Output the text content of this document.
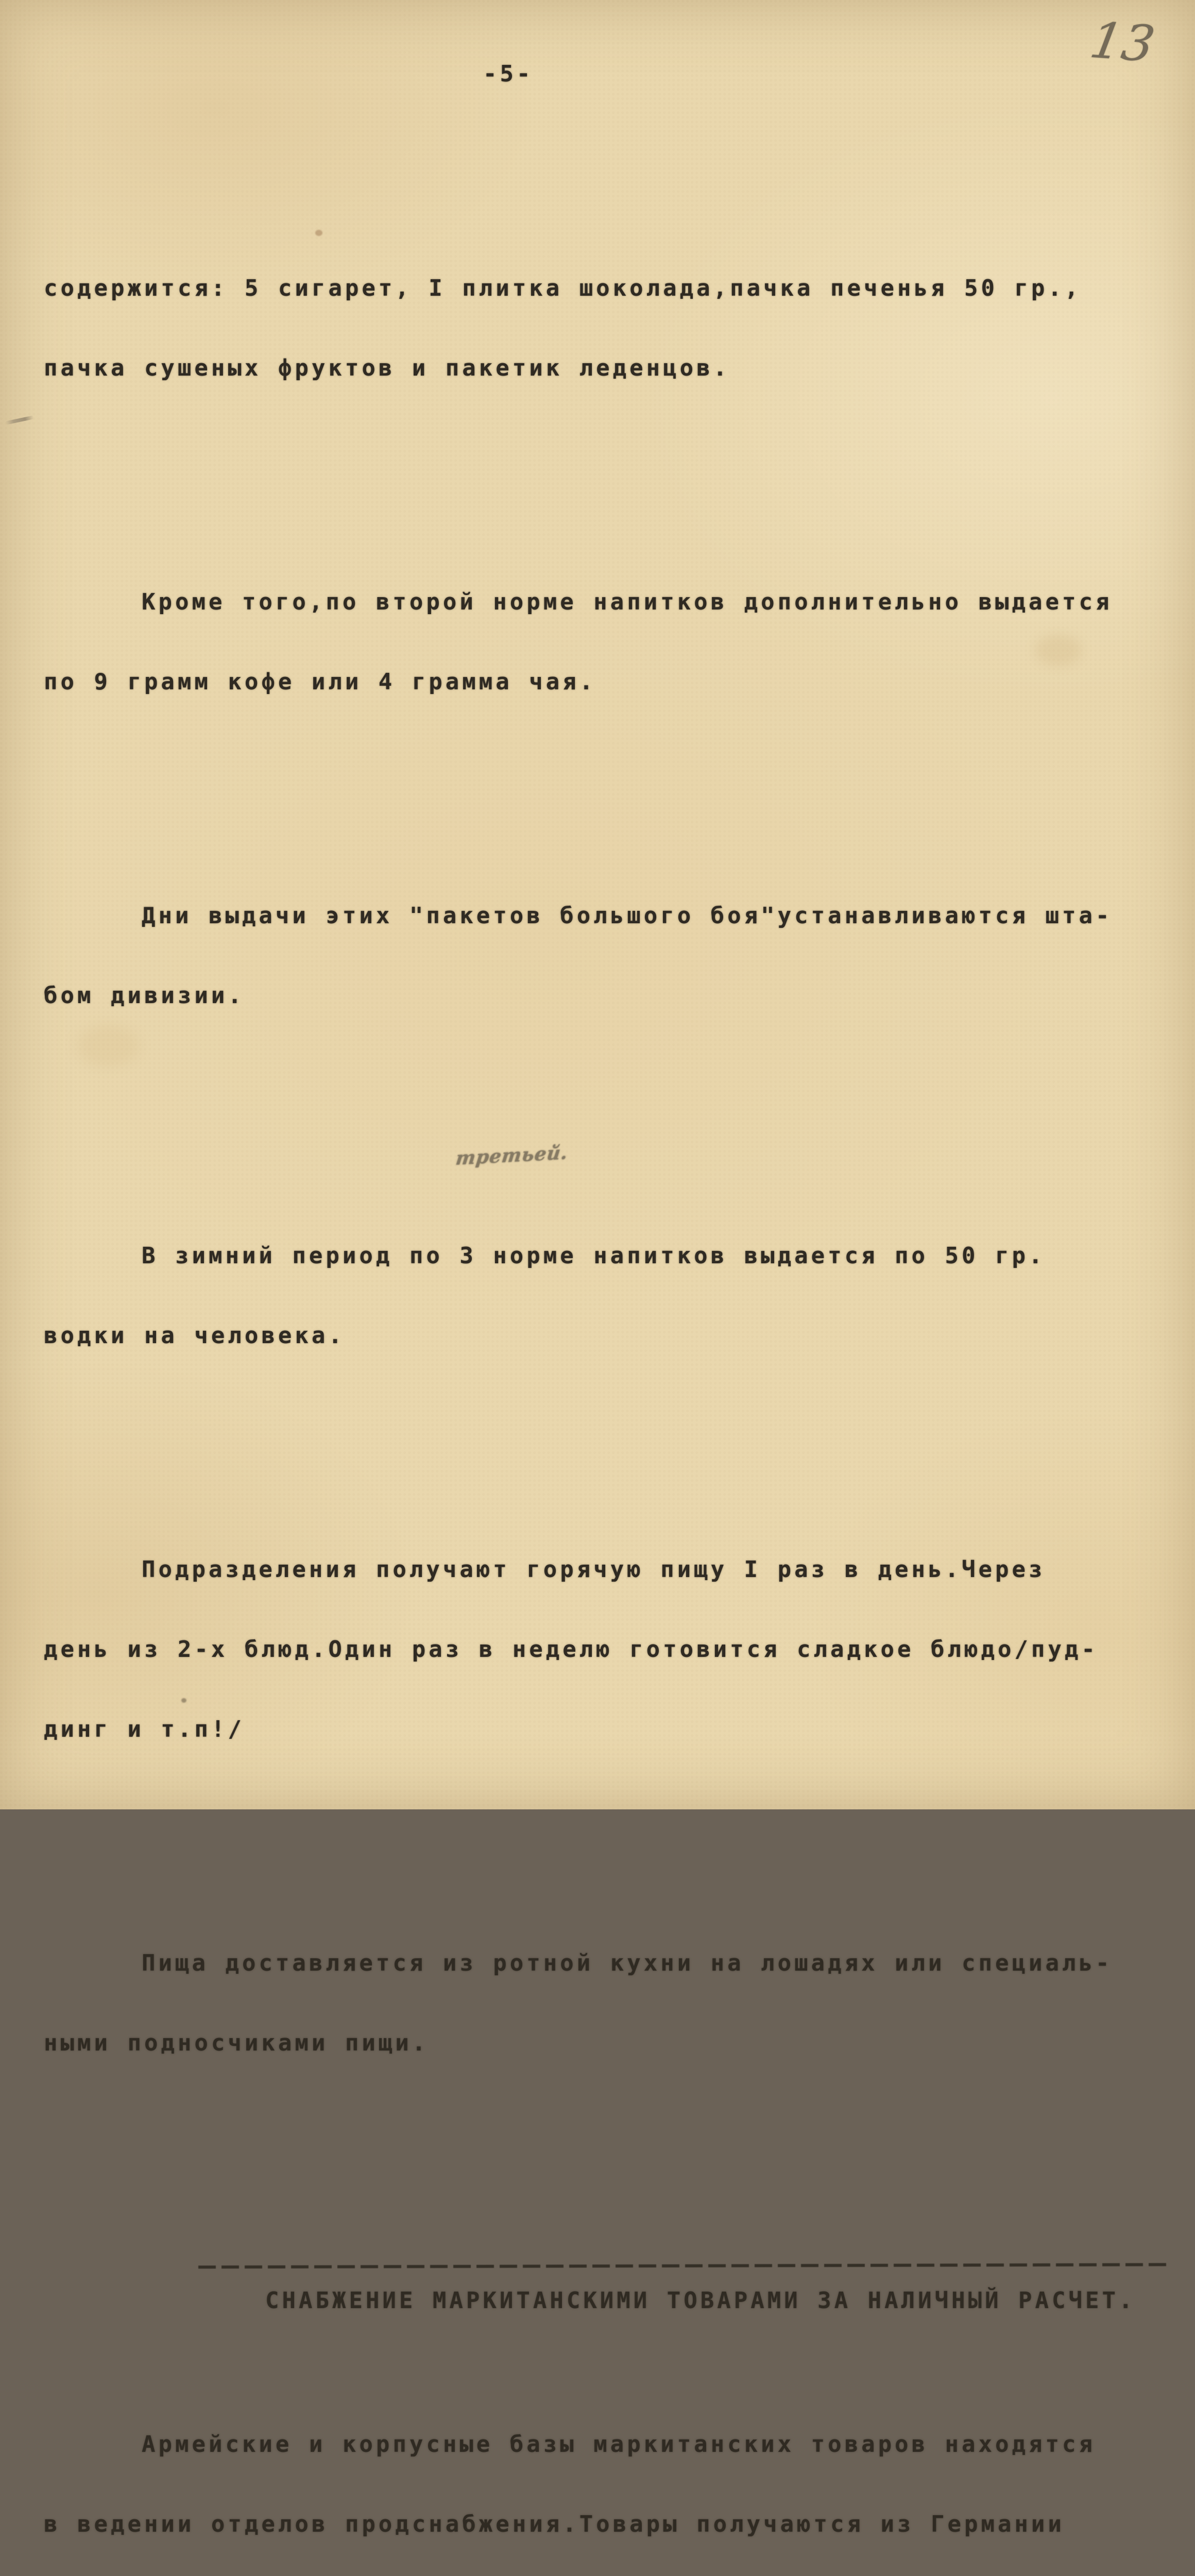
13
-5-

содержится: 5 сигарет, I плитка шоколада,пачка печенья 50 гр.,

пачка сушеных фруктов и пакетик леденцов.

Кроме того,по второй норме напитков дополнительно выдается

по 9 грамм кофе или 4 грамма чая.

Дни выдачи этих "пакетов большого боя"устанавливаются шта-

бом дивизии.

третьей.

В зимний период по 3 норме напитков выдается по 50 гр.

водки на человека.

Подразделения получают горячую пищу I раз в день.Через

день из 2-х блюд.Один раз в неделю готовится сладкое блюдо/пуд-

динг и т.п!/

Пища доставляется из ротной кухни на лошадях или специаль-

ными подносчиками пищи.

СНАБЖЕНИЕ МАРКИТАНСКИМИ ТОВАРАМИ ЗА НАЛИЧНЫЙ РАСЧЕТ.

Армейские и корпусные базы маркитанских товаров находятся

в ведении отделов продснабжения.Товары получаются из Германии
